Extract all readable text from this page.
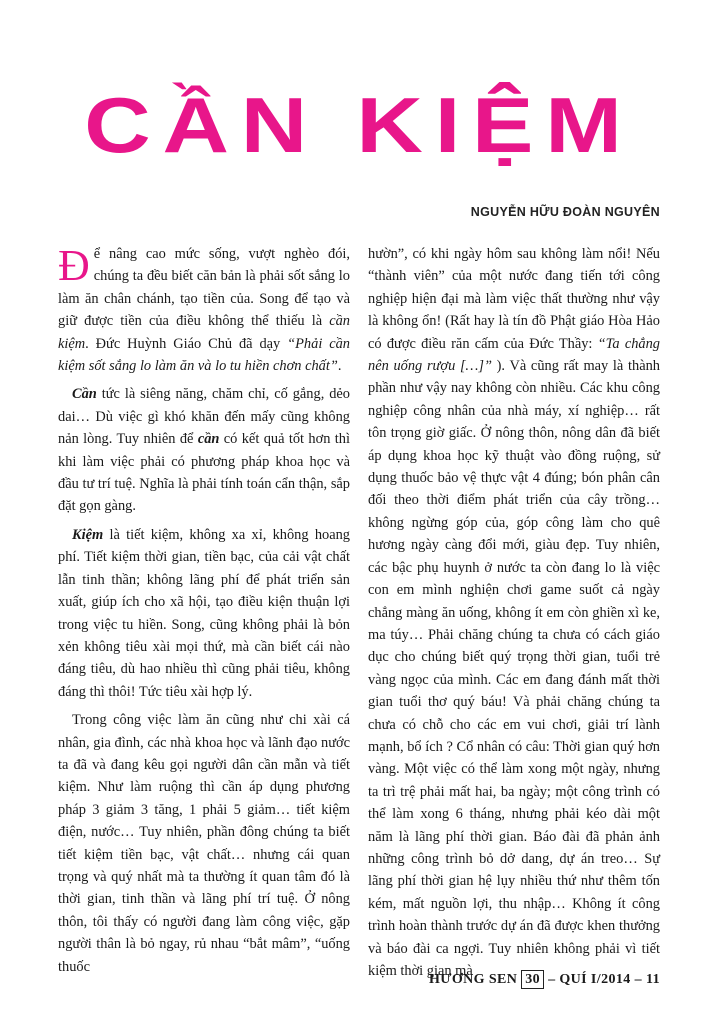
CẦN KIỆM
NGUYỄN HỮU ĐOÀN NGUYÊN

Để nâng cao mức sống, vượt nghèo đói, chúng ta đều biết căn bản là phải sốt sắng lo làm ăn chân chánh, tạo tiền của. Song để tạo và giữ được tiền của điều không thể thiếu là cần kiệm. Đức Huỳnh Giáo Chủ đã dạy “Phải cần kiệm sốt sắng lo làm ăn và lo tu hiền chơn chất”.

Cần tức là siêng năng, chăm chỉ, cố gắng, dẻo dai… Dù việc gì khó khăn đến mấy cũng không nản lòng. Tuy nhiên để cần có kết quả tốt hơn thì khi làm việc phải có phương pháp khoa học và đầu tư trí tuệ. Nghĩa là phải tính toán cẩn thận, sắp đặt gọn gàng.

Kiệm là tiết kiệm, không xa xỉ, không hoang phí. Tiết kiệm thời gian, tiền bạc, của cải vật chất lẫn tinh thần; không lãng phí để phát triển sản xuất, giúp ích cho xã hội, tạo điều kiện thuận lợi trong việc tu hiền. Song, cũng không phải là bỏn xẻn không tiêu xài mọi thứ, mà cần biết cái nào đáng tiêu, dù hao nhiều thì cũng phải tiêu, không đáng thì thôi! Tức tiêu xài hợp lý.

Trong công việc làm ăn cũng như chi xài cá nhân, gia đình, các nhà khoa học và lãnh đạo nước ta đã và đang kêu gọi người dân cần mẫn và tiết kiệm. Như làm ruộng thì cần áp dụng phương pháp 3 giảm 3 tăng, 1 phải 5 giảm… tiết kiệm điện, nước… Tuy nhiên, phần đông chúng ta biết tiết kiệm tiền bạc, vật chất… nhưng cái quan trọng và quý nhất mà ta thường ít quan tâm đó là thời gian, tinh thần và lãng phí trí tuệ. Ở nông thôn, tôi thấy có người đang làm công việc, gặp người thân là bỏ ngay, rủ nhau “bắt mâm”, “uống thuốc

hườn”, có khi ngày hôm sau không làm nổi! Nếu “thành viên” của một nước đang tiến tới công nghiệp hiện đại mà làm việc thất thường như vậy là không ổn! (Rất hay là tín đồ Phật giáo Hòa Hảo có được điều răn cấm của Đức Thầy: “Ta chẳng nên uống rượu […]” ). Và cũng rất may là thành phần như vậy nay không còn nhiều. Các khu công nghiệp công nhân của nhà máy, xí nghiệp… rất tôn trọng giờ giấc. Ở nông thôn, nông dân đã biết áp dụng khoa học kỹ thuật vào đồng ruộng, sử dụng thuốc bảo vệ thực vật 4 đúng; bón phân cân đối theo thời điểm phát triển của cây trồng… không ngừng góp của, góp công làm cho quê hương ngày càng đổi mới, giàu đẹp. Tuy nhiên, các bậc phụ huynh ở nước ta còn đang lo là việc con em mình nghiện chơi game suốt cả ngày chẳng màng ăn uống, không ít em còn ghiền xì ke, ma túy… Phải chăng chúng ta chưa có cách giáo dục cho chúng biết quý trọng thời gian, tuổi trẻ vàng ngọc của mình. Các em đang đánh mất thời gian tuổi thơ quý báu! Và phải chăng chúng ta chưa có chỗ cho các em vui chơi, giải trí lành mạnh, bổ ích ? Cổ nhân có câu: Thời gian quý hơn vàng. Một việc có thể làm xong một ngày, nhưng ta trì trệ phải mất hai, ba ngày; một công trình có thể làm xong 6 tháng, nhưng phải kéo dài một năm là lãng phí thời gian. Báo đài đã phản ảnh những công trình bỏ dở dang, dự án treo… Sự lãng phí thời gian hệ lụy nhiều thứ như thêm tốn kém, mất nguồn lợi, thu nhập… Không ít công trình hoàn thành trước dự án đã được khen thưởng và báo đài ca ngợi. Tuy nhiên không phải vì tiết kiệm thời gian mà

HƯƠNG SEN 30 – QUÍ I/2014 – 11
